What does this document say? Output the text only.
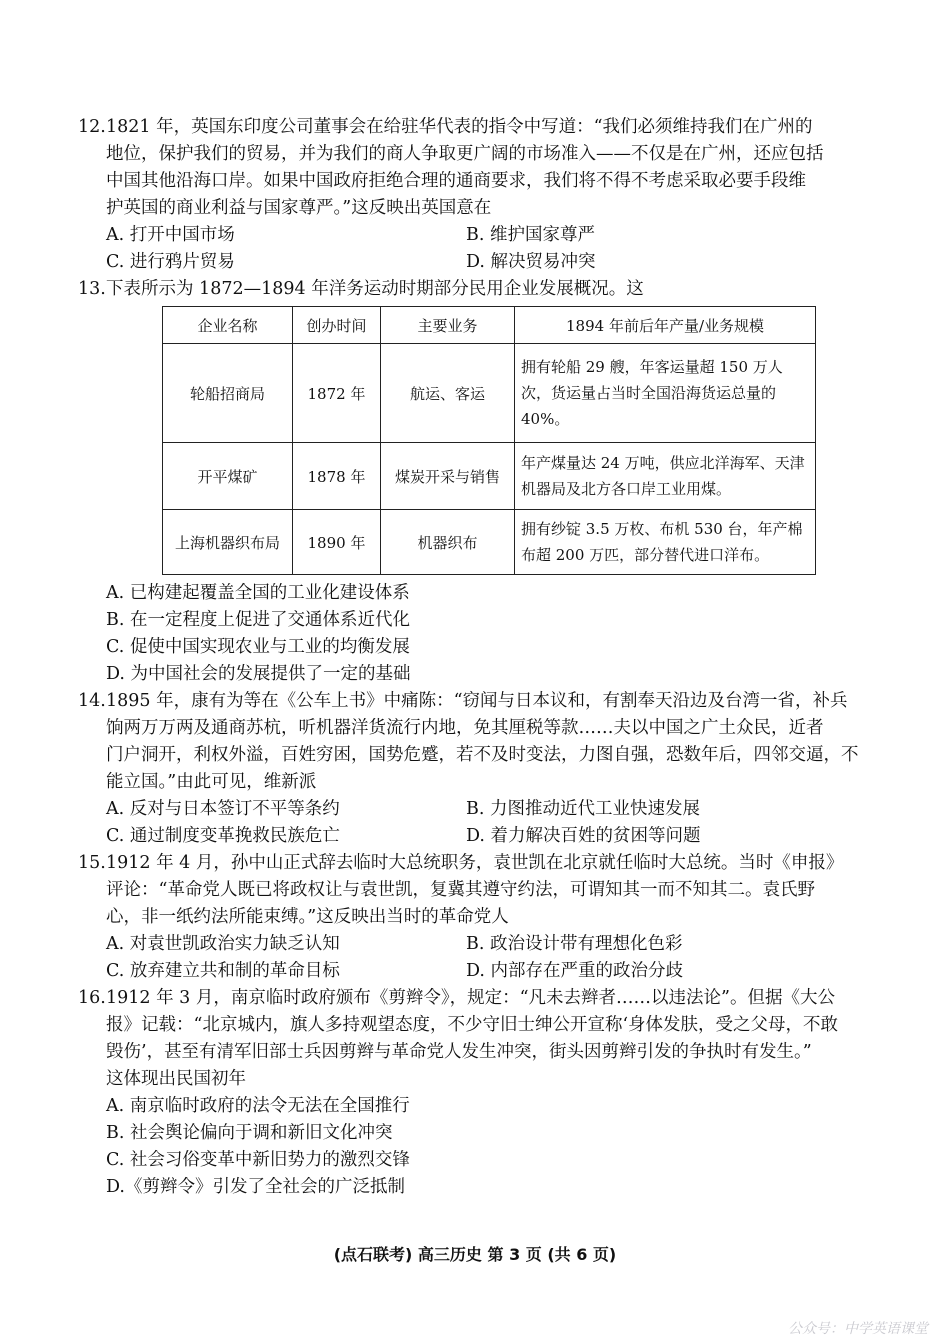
12.1821 年，英国东印度公司董事会在给驻华代表的指令中写道：“我们必须维持我们在广州的

地位，保护我们的贸易，并为我们的商人争取更广阔的市场准入——不仅是在广州，还应包括

中国其他沿海口岸。如果中国政府拒绝合理的通商要求，我们将不得不考虑采取必要手段维

护英国的商业利益与国家尊严。”这反映出英国意在

A. 打开中国市场	B. 维护国家尊严
C. 进行鸦片贸易	D. 解决贸易冲突

13.下表所示为 1872—1894 年洋务运动时期部分民用企业发展概况。这

企业名称	创办时间	主要业务	1894 年前后年产量/业务规模
轮船招商局	1872 年	航运、客运	拥有轮船 29 艘，年客运量超 150 万人次，货运量占当时全国沿海货运总量的 40%。
开平煤矿	1878 年	煤炭开采与销售	年产煤量达 24 万吨，供应北洋海军、天津机器局及北方各口岸工业用煤。
上海机器织布局	1890 年	机器织布	拥有纱锭 3.5 万枚、布机 530 台，年产棉布超 200 万匹，部分替代进口洋布。
A. 已构建起覆盖全国的工业化建设体系
B. 在一定程度上促进了交通体系近代化
C. 促使中国实现农业与工业的均衡发展
D. 为中国社会的发展提供了一定的基础

14.1895 年，康有为等在《公车上书》中痛陈：“窃闻与日本议和，有割奉天沿边及台湾一省，补兵

饷两万万两及通商苏杭，听机器洋货流行内地，免其厘税等款……夫以中国之广土众民，近者

门户洞开，利权外溢，百姓穷困，国势危蹙，若不及时变法，力图自强，恐数年后，四邻交逼，不

能立国。”由此可见，维新派

A. 反对与日本签订不平等条约	B. 力图推动近代工业快速发展
C. 通过制度变革挽救民族危亡	D. 着力解决百姓的贫困等问题

15.1912 年 4 月，孙中山正式辞去临时大总统职务，袁世凯在北京就任临时大总统。当时《申报》

评论：“革命党人既已将政权让与袁世凯，复冀其遵守约法，可谓知其一而不知其二。袁氏野

心，非一纸约法所能束缚。”这反映出当时的革命党人

A. 对袁世凯政治实力缺乏认知	B. 政治设计带有理想化色彩
C. 放弃建立共和制的革命目标	D. 内部存在严重的政治分歧

16.1912 年 3 月，南京临时政府颁布《剪辫令》，规定：“凡未去辫者……以违法论”。但据《大公

报》记载：“北京城内，旗人多持观望态度，不少守旧士绅公开宣称‘身体发肤，受之父母，不敢

毁伤’，甚至有清军旧部士兵因剪辫与革命党人发生冲突，街头因剪辫引发的争执时有发生。”

这体现出民国初年

A. 南京临时政府的法令无法在全国推行
B. 社会舆论偏向于调和新旧文化冲突
C. 社会习俗变革中新旧势力的激烈交锋
D.《剪辫令》引发了全社会的广泛抵制
(点石联考) 高三历史 第 3 页 (共 6 页)
公众号：中学英语课堂
